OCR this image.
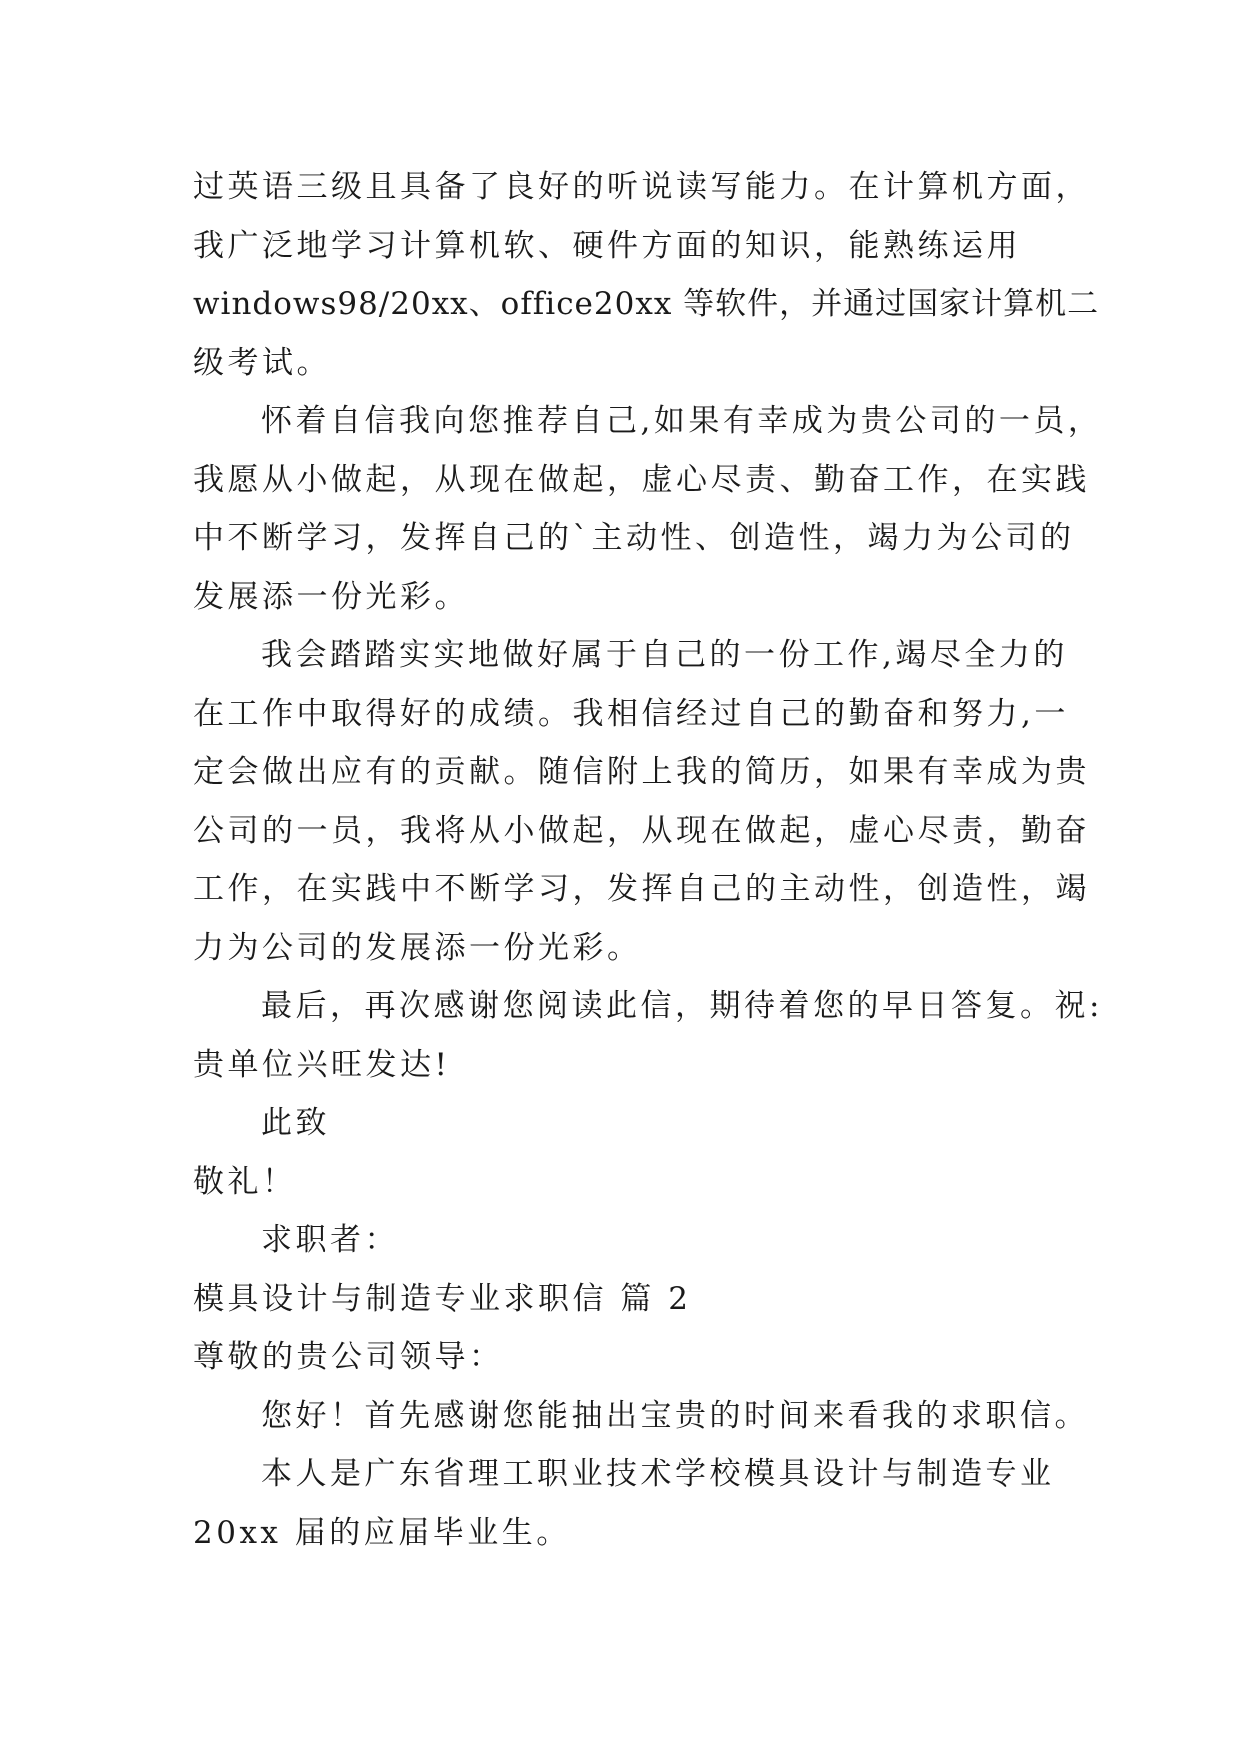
过英语三级且具备了良好的听说读写能力。在计算机方面，
我广泛地学习计算机软、硬件方面的知识，能熟练运用
windows98/20xx、office20xx 等软件，并通过国家计算机二
级考试。
怀着自信我向您推荐自己,如果有幸成为贵公司的一员，
我愿从小做起，从现在做起，虚心尽责、勤奋工作，在实践
中不断学习，发挥自己的`主动性、创造性，竭力为公司的
发展添一份光彩。
我会踏踏实实地做好属于自己的一份工作,竭尽全力的
在工作中取得好的成绩。我相信经过自己的勤奋和努力,一
定会做出应有的贡献。随信附上我的简历，如果有幸成为贵
公司的一员，我将从小做起，从现在做起，虚心尽责，勤奋
工作，在实践中不断学习，发挥自己的主动性，创造性，竭
力为公司的发展添一份光彩。
最后，再次感谢您阅读此信，期待着您的早日答复。祝:
贵单位兴旺发达!
此致
敬礼！
求职者：
模具设计与制造专业求职信 篇 2
尊敬的贵公司领导：
您好！首先感谢您能抽出宝贵的时间来看我的求职信。
本人是广东省理工职业技术学校模具设计与制造专业
20xx 届的应届毕业生。
